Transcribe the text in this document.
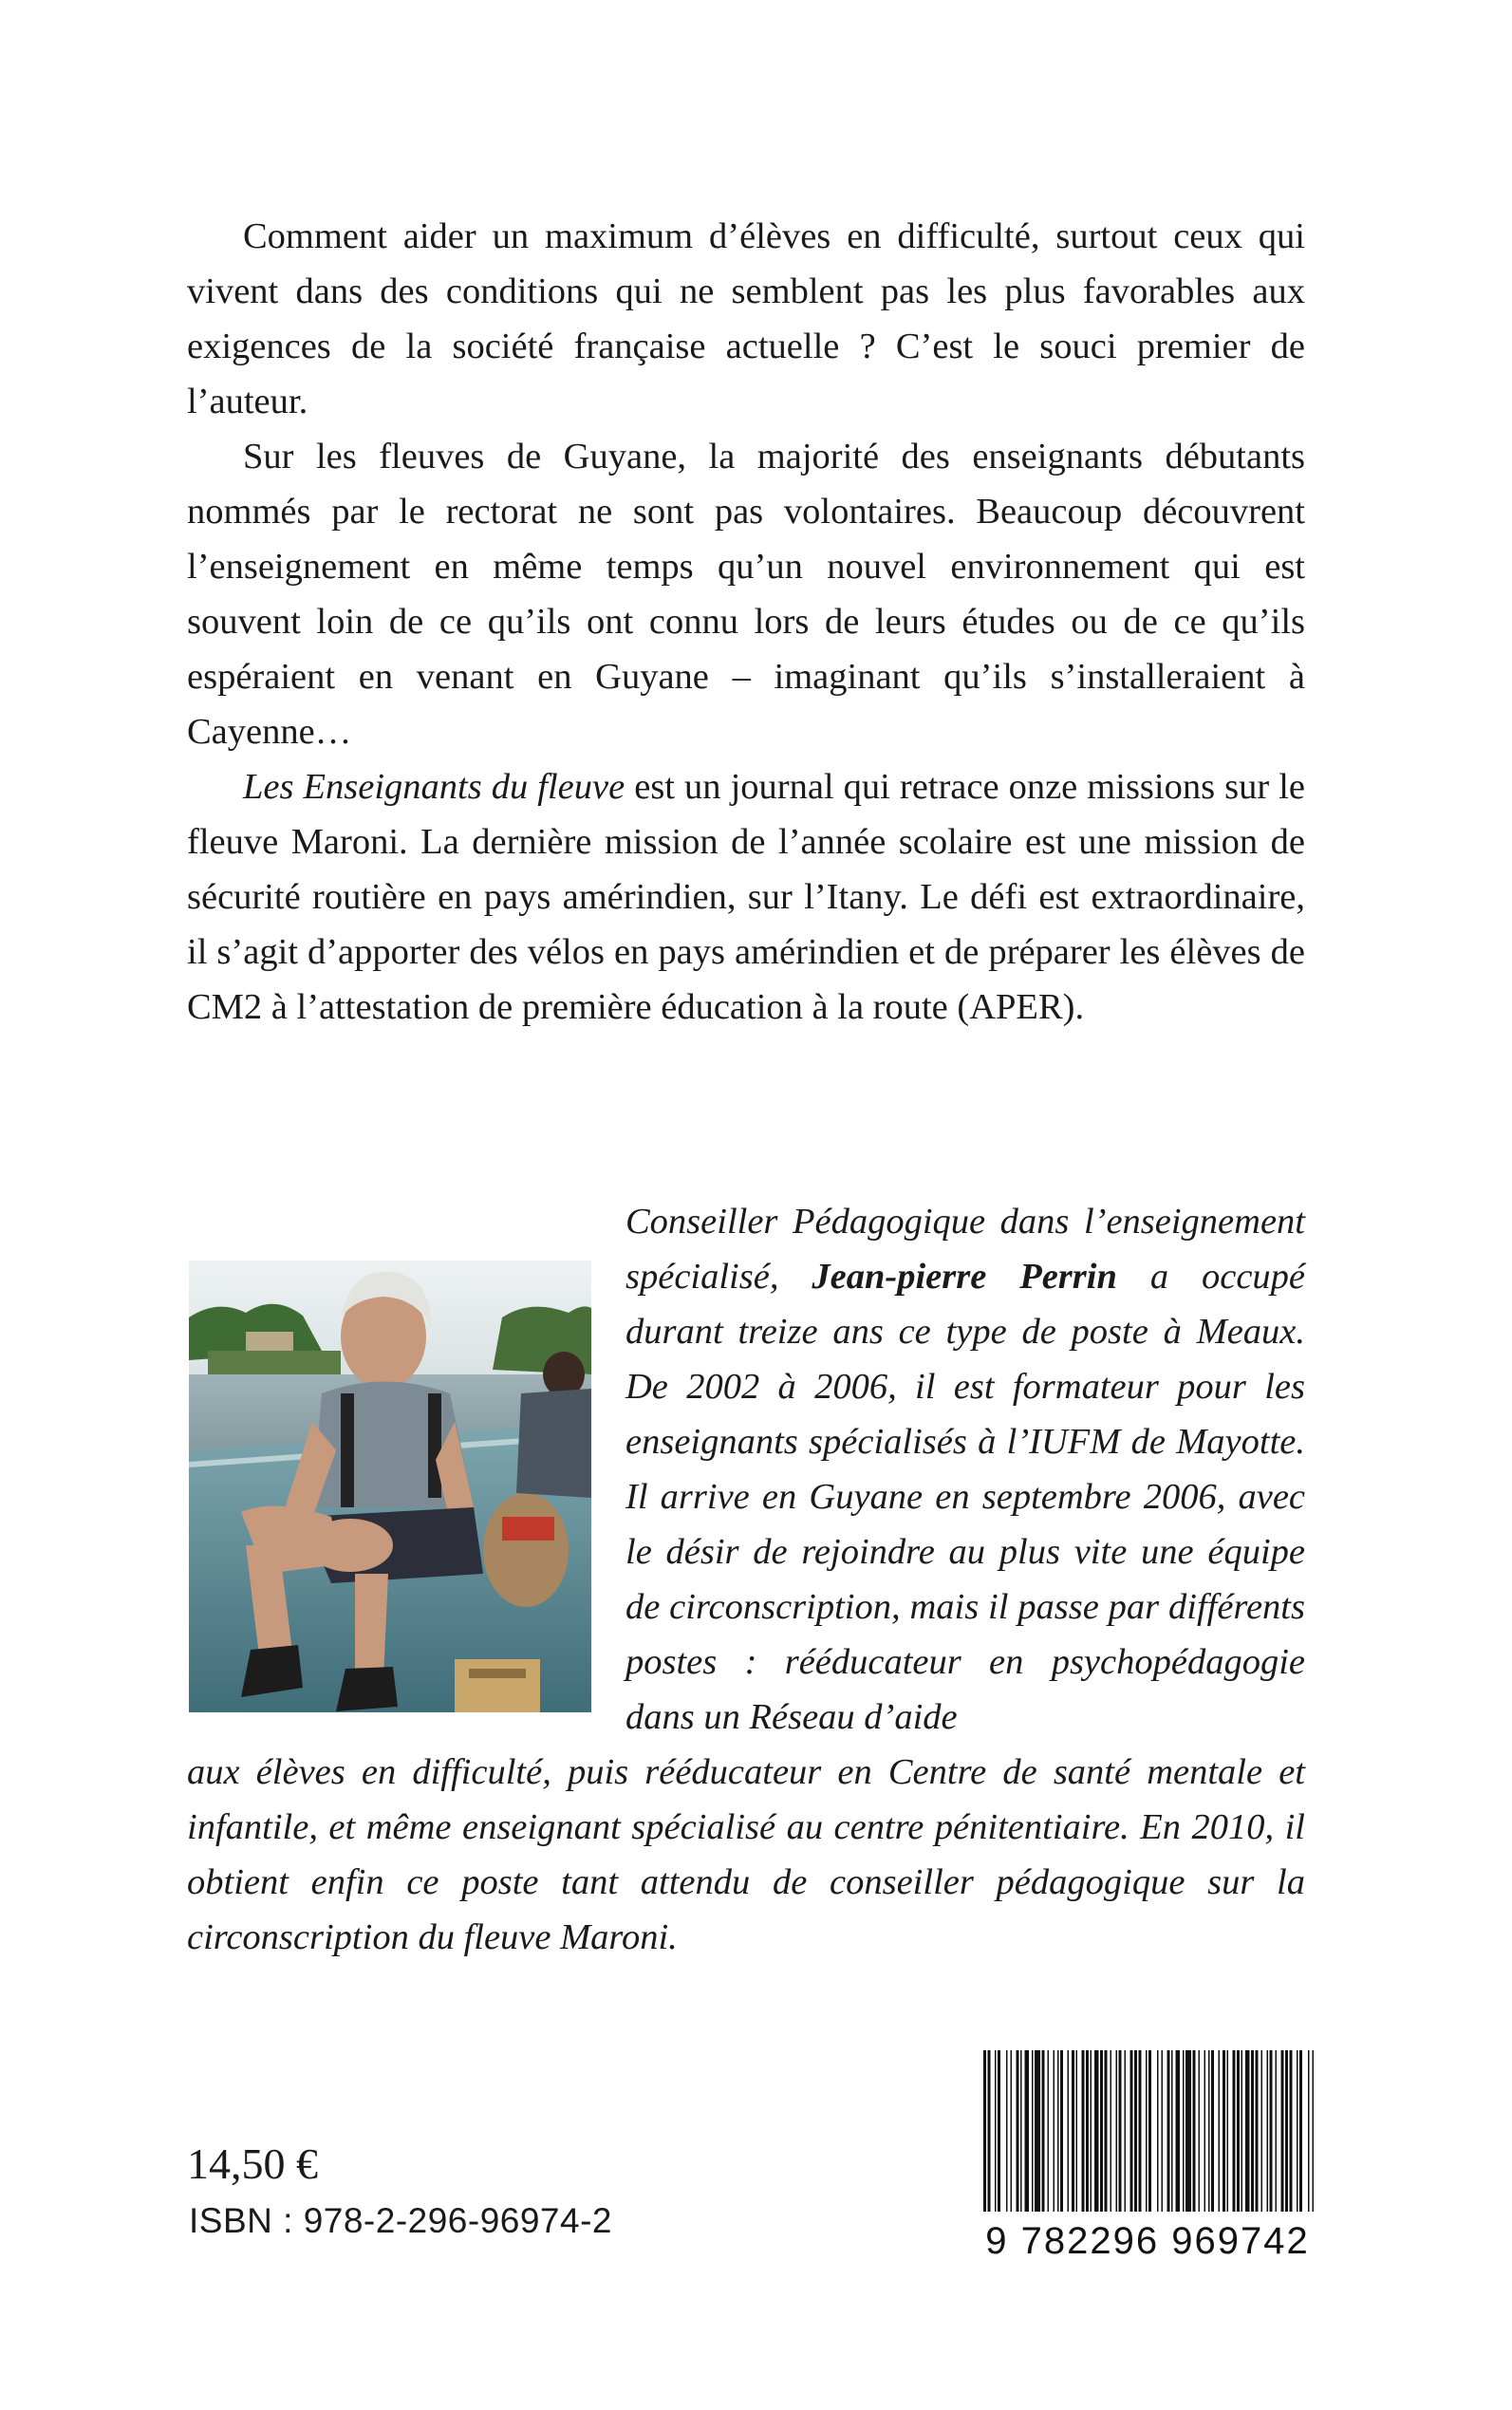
Comment aider un maximum d’élèves en difficulté, surtout ceux qui vivent dans des conditions qui ne semblent pas les plus favorables aux exigences de la société française actuelle ? C’est le souci premier de l’auteur.

Sur les fleuves de Guyane, la majorité des enseignants débutants nommés par le rectorat ne sont pas volontaires. Beaucoup découvrent l’enseignement en même temps qu’un nouvel environnement qui est souvent loin de ce qu’ils ont connu lors de leurs études ou de ce qu’ils espéraient en venant en Guyane – imaginant qu’ils s’installeraient à Cayenne…

Les Enseignants du fleuve est un journal qui retrace onze missions sur le fleuve Maroni. La dernière mission de l’année scolaire est une mission de sécurité routière en pays amérindien, sur l’Itany. Le défi est extraordinaire, il s’agit d’apporter des vélos en pays amérindien et de préparer les élèves de CM2 à l’attestation de première éducation à la route (APER).

Conseiller Pédagogique dans l’enseignement spécialisé, Jean-pierre Perrin a occupé durant treize ans ce type de poste à Meaux. De 2002 à 2006, il est formateur pour les enseignants spécialisés à l’IUFM de Mayotte. Il arrive en Guyane en septembre 2006, avec le désir de rejoindre au plus vite une équipe de circonscription, mais il passe par différents postes : rééducateur en psychopédagogie dans un Réseau d’aide

aux élèves en difficulté, puis rééducateur en Centre de santé mentale et infantile, et même enseignant spécialisé au centre pénitentiaire. En 2010, il obtient enfin ce poste tant attendu de conseiller pédagogique sur la circonscription du fleuve Maroni.

14,50 €
ISBN : 978-2-296-96974-2	9 782296 969742
